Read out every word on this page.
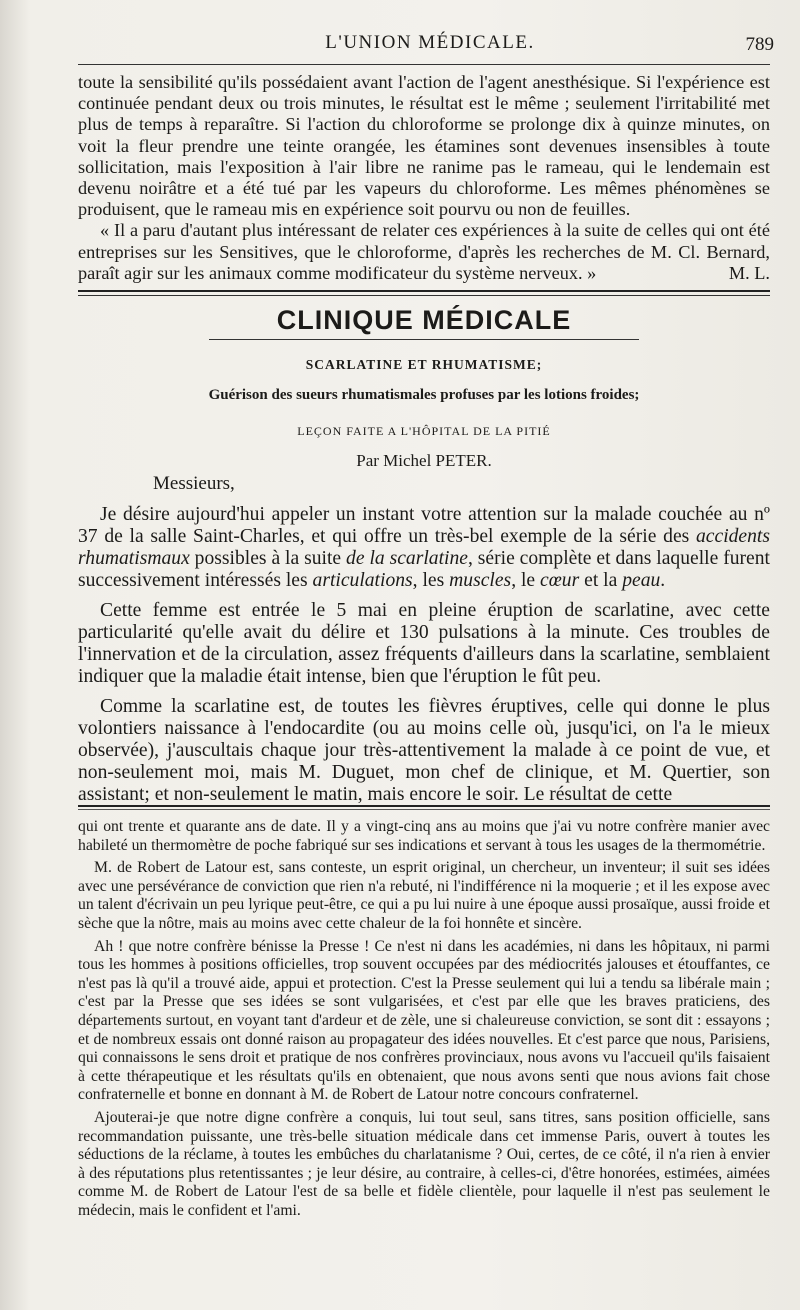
L'UNION MÉDICALE.	789

toute la sensibilité qu'ils possédaient avant l'action de l'agent anesthésique. Si l'expérience est continuée pendant deux ou trois minutes, le résultat est le même ; seulement l'irritabilité met plus de temps à reparaître. Si l'action du chloroforme se prolonge dix à quinze minutes, on voit la fleur prendre une teinte orangée, les étamines sont devenues insensibles à toute sollicitation, mais l'exposition à l'air libre ne ranime pas le rameau, qui le lendemain est devenu noirâtre et a été tué par les vapeurs du chloroforme. Les mêmes phénomènes se produisent, que le rameau mis en expérience soit pourvu ou non de feuilles.

« Il a paru d'autant plus intéressant de relater ces expériences à la suite de celles qui ont été entreprises sur les Sensitives, que le chloroforme, d'après les recherches de M. Cl. Bernard, paraît agir sur les animaux comme modificateur du système nerveux. »	M. L.

CLINIQUE MÉDICALE
SCARLATINE ET RHUMATISME;
Guérison des sueurs rhumatismales profuses par les lotions froides;
LEÇON FAITE A L'HÔPITAL DE LA PITIÉ
Par Michel PETER.
Messieurs,

Je désire aujourd'hui appeler un instant votre attention sur la malade couchée au nº 37 de la salle Saint-Charles, et qui offre un très-bel exemple de la série des accidents rhumatismaux possibles à la suite de la scarlatine, série complète et dans laquelle furent successivement intéressés les articulations, les muscles, le cœur et la peau.

Cette femme est entrée le 5 mai en pleine éruption de scarlatine, avec cette particularité qu'elle avait du délire et 130 pulsations à la minute. Ces troubles de l'innervation et de la circulation, assez fréquents d'ailleurs dans la scarlatine, semblaient indiquer que la maladie était intense, bien que l'éruption le fût peu.

Comme la scarlatine est, de toutes les fièvres éruptives, celle qui donne le plus volontiers naissance à l'endocardite (ou au moins celle où, jusqu'ici, on l'a le mieux observée), j'auscultais chaque jour très-attentivement la malade à ce point de vue, et non-seulement moi, mais M. Duguet, mon chef de clinique, et M. Quertier, son assistant; et non-seulement le matin, mais encore le soir. Le résultat de cette

qui ont trente et quarante ans de date. Il y a vingt-cinq ans au moins que j'ai vu notre confrère manier avec habileté un thermomètre de poche fabriqué sur ses indications et servant à tous les usages de la thermométrie.

M. de Robert de Latour est, sans conteste, un esprit original, un chercheur, un inventeur; il suit ses idées avec une persévérance de conviction que rien n'a rebuté, ni l'indifférence ni la moquerie ; et il les expose avec un talent d'écrivain un peu lyrique peut-être, ce qui a pu lui nuire à une époque aussi prosaïque, aussi froide et sèche que la nôtre, mais au moins avec cette chaleur de la foi honnête et sincère.

Ah ! que notre confrère bénisse la Presse ! Ce n'est ni dans les académies, ni dans les hôpitaux, ni parmi tous les hommes à positions officielles, trop souvent occupées par des médiocrités jalouses et étouffantes, ce n'est pas là qu'il a trouvé aide, appui et protection. C'est la Presse seulement qui lui a tendu sa libérale main ; c'est par la Presse que ses idées se sont vulgarisées, et c'est par elle que les braves praticiens, des départements surtout, en voyant tant d'ardeur et de zèle, une si chaleureuse conviction, se sont dit : essayons ; et de nombreux essais ont donné raison au propagateur des idées nouvelles. Et c'est parce que nous, Parisiens, qui connaissons le sens droit et pratique de nos confrères provinciaux, nous avons vu l'accueil qu'ils faisaient à cette thérapeutique et les résultats qu'ils en obtenaient, que nous avons senti que nous avions fait chose confraternelle et bonne en donnant à M. de Robert de Latour notre concours confraternel.

Ajouterai-je que notre digne confrère a conquis, lui tout seul, sans titres, sans position officielle, sans recommandation puissante, une très-belle situation médicale dans cet immense Paris, ouvert à toutes les séductions de la réclame, à toutes les embûches du charlatanisme ? Oui, certes, de ce côté, il n'a rien à envier à des réputations plus retentissantes ; je leur désire, au contraire, à celles-ci, d'être honorées, estimées, aimées comme M. de Robert de Latour l'est de sa belle et fidèle clientèle, pour laquelle il n'est pas seulement le médecin, mais le confident et l'ami.
